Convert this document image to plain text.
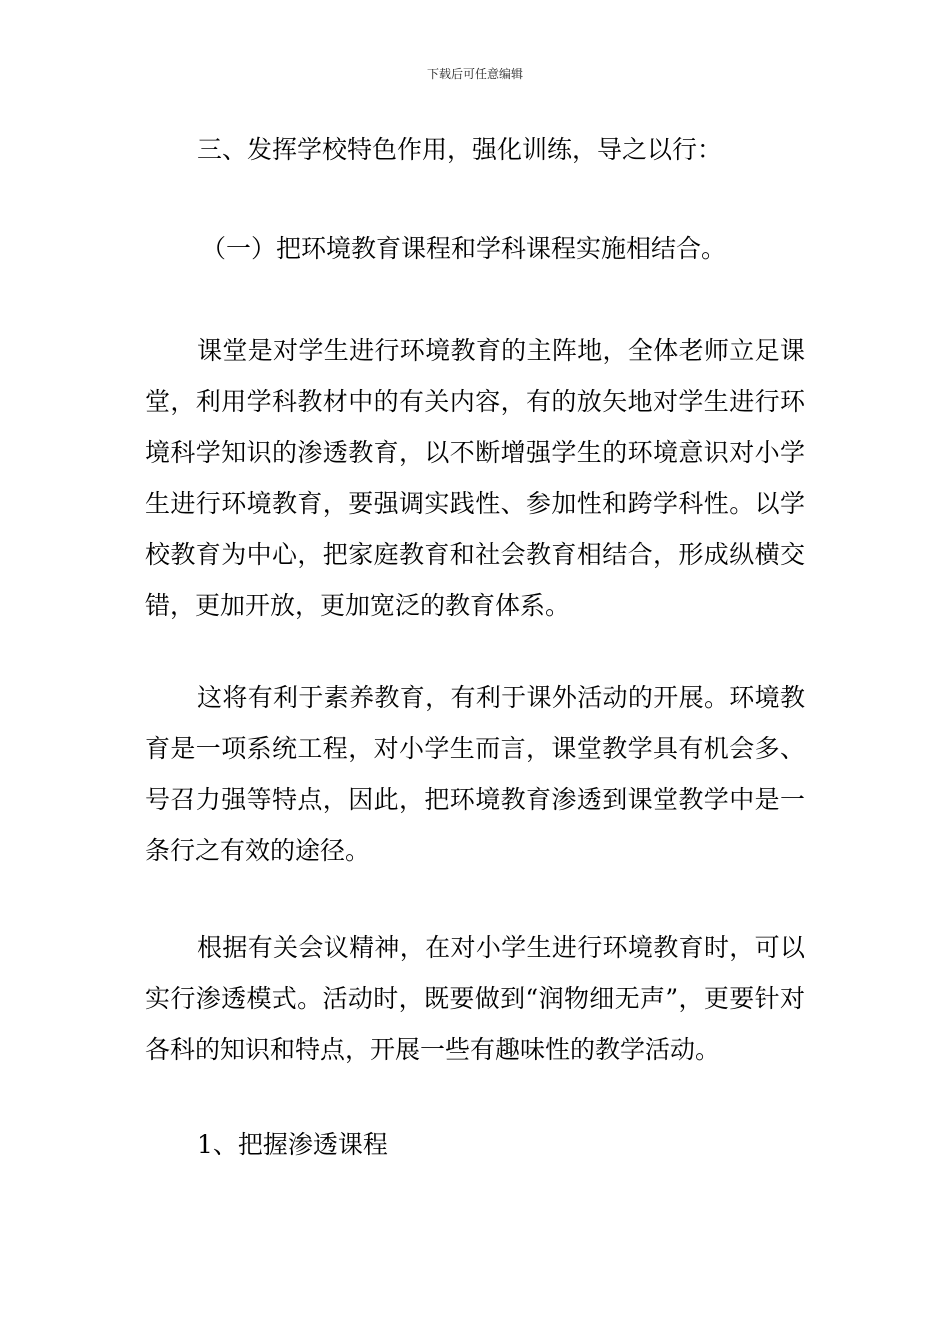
下载后可任意编辑
三、发挥学校特色作用，强化训练，导之以行：
（一）把环境教育课程和学科课程实施相结合。

课堂是对学生进行环境教育的主阵地，全体老师立足课堂，利用学科教材中的有关内容，有的放矢地对学生进行环境科学知识的渗透教育，以不断增强学生的环境意识对小学生进行环境教育，要强调实践性、参加性和跨学科性。以学校教育为中心，把家庭教育和社会教育相结合，形成纵横交错，更加开放，更加宽泛的教育体系。

这将有利于素养教育，有利于课外活动的开展。环境教育是一项系统工程，对小学生而言，课堂教学具有机会多、号召力强等特点，因此，把环境教育渗透到课堂教学中是一条行之有效的途径。

根据有关会议精神，在对小学生进行环境教育时，可以实行渗透模式。活动时，既要做到“润物细无声”，更要针对各科的知识和特点，开展一些有趣味性的教学活动。

1、把握渗透课程
